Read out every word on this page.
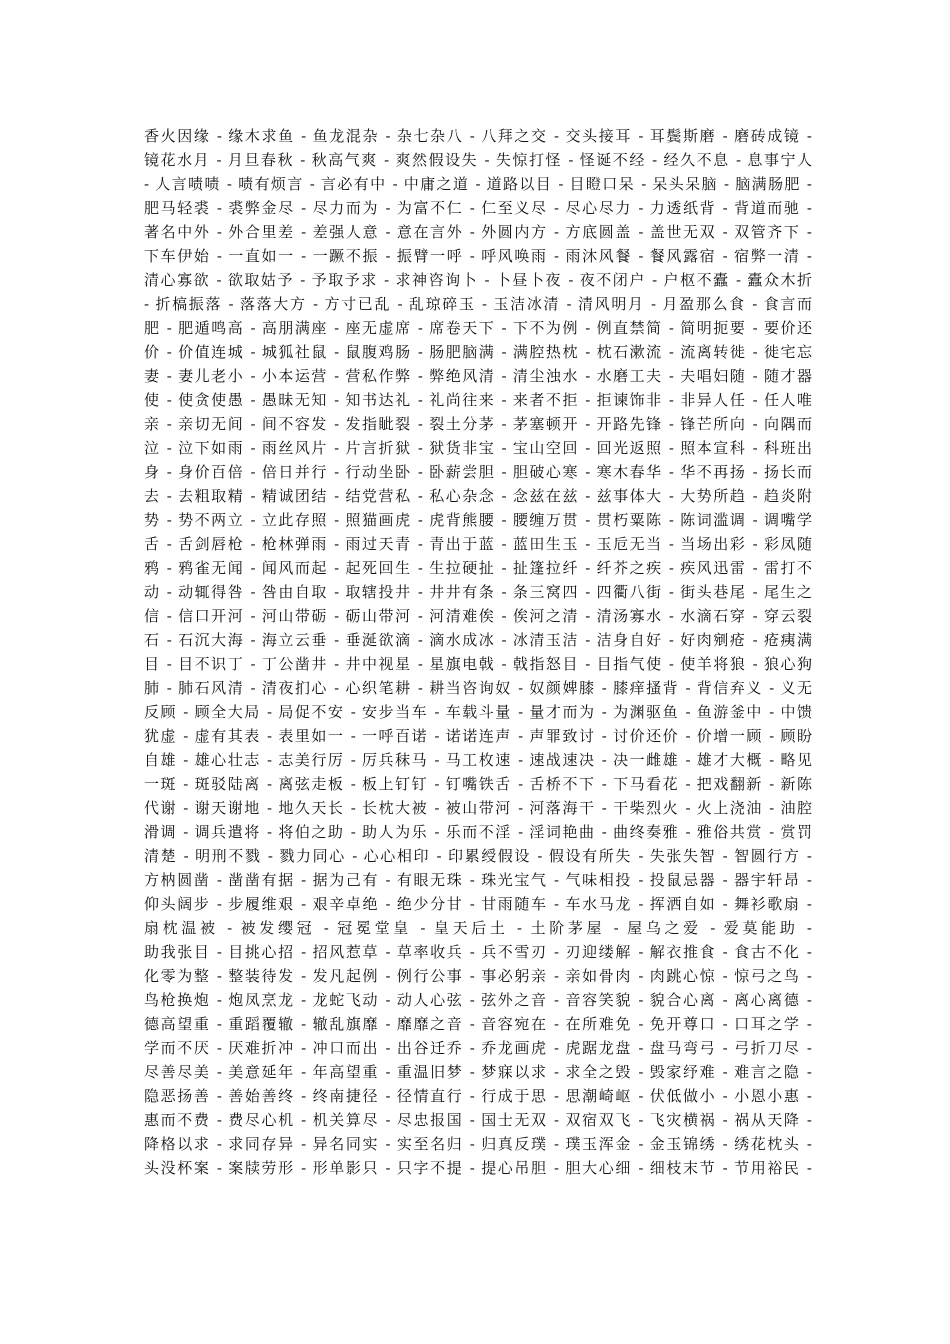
香火因缘 - 缘木求鱼 - 鱼龙混杂 - 杂七杂八 - 八拜之交 - 交头接耳 - 耳鬓斯磨 - 磨砖成镜 -
镜花水月 - 月旦春秋 - 秋高气爽 - 爽然假设失 - 失惊打怪 - 怪诞不经 - 经久不息 - 息事宁人
- 人言啧啧 - 啧有烦言 - 言必有中 - 中庸之道 - 道路以目 - 目瞪口呆 - 呆头呆脑 - 脑满肠肥 -
肥马轻裘 - 裘弊金尽 - 尽力而为 - 为富不仁 - 仁至义尽 - 尽心尽力 - 力透纸背 - 背道而驰 -
著名中外 - 外合里差 - 差强人意 - 意在言外 - 外圆内方 - 方底圆盖 - 盖世无双 - 双管齐下 -
下车伊始 - 一直如一 - 一蹶不振 - 振臂一呼 - 呼风唤雨 - 雨沐风餐 - 餐风露宿 - 宿弊一清 -
清心寡欲 - 欲取姑予 - 予取予求 - 求神咨询卜 - 卜昼卜夜 - 夜不闭户 - 户枢不蠹 - 蠹众木折
- 折槁振落 - 落落大方 - 方寸已乱 - 乱琼碎玉 - 玉洁冰清 - 清风明月 - 月盈那么食 - 食言而
肥 - 肥遁鸣高 - 高朋满座 - 座无虚席 - 席卷天下 - 下不为例 - 例直禁简 - 简明扼要 - 要价还
价 - 价值连城 - 城狐社鼠 - 鼠腹鸡肠 - 肠肥脑满 - 满腔热枕 - 枕石漱流 - 流离转徙 - 徙宅忘
妻 - 妻儿老小 - 小本运营 - 营私作弊 - 弊绝风清 - 清尘浊水 - 水磨工夫 - 夫唱妇随 - 随才器
使 - 使贪使愚 - 愚昧无知 - 知书达礼 - 礼尚往来 - 来者不拒 - 拒谏饰非 - 非异人任 - 任人唯
亲 - 亲切无间 - 间不容发 - 发指眦裂 - 裂土分茅 - 茅塞顿开 - 开路先锋 - 锋芒所向 - 向隅而
泣 - 泣下如雨 - 雨丝风片 - 片言折狱 - 狱货非宝 - 宝山空回 - 回光返照 - 照本宣科 - 科班出
身 - 身价百倍 - 倍日并行 - 行动坐卧 - 卧薪尝胆 - 胆破心寒 - 寒木春华 - 华不再扬 - 扬长而
去 - 去粗取精 - 精诚团结 - 结党营私 - 私心杂念 - 念兹在兹 - 兹事体大 - 大势所趋 - 趋炎附
势 - 势不两立 - 立此存照 - 照猫画虎 - 虎背熊腰 - 腰缠万贯 - 贯朽粟陈 - 陈词滥调 - 调嘴学
舌 - 舌剑唇枪 - 枪林弹雨 - 雨过天青 - 青出于蓝 - 蓝田生玉 - 玉卮无当 - 当场出彩 - 彩凤随
鸦 - 鸦雀无闻 - 闻风而起 - 起死回生 - 生拉硬扯 - 扯篷拉纤 - 纤芥之疾 - 疾风迅雷 - 雷打不
动 - 动辄得咎 - 咎由自取 - 取辖投井 - 井井有条 - 条三窝四 - 四衢八街 - 街头巷尾 - 尾生之
信 - 信口开河 - 河山带砺 - 砺山带河 - 河清难俟 - 俟河之清 - 清汤寡水 - 水滴石穿 - 穿云裂
石 - 石沉大海 - 海立云垂 - 垂涎欲滴 - 滴水成冰 - 冰清玉洁 - 洁身自好 - 好肉剜疮 - 疮痍满
目 - 目不识丁 - 丁公凿井 - 井中视星 - 星旗电戟 - 戟指怒目 - 目指气使 - 使羊将狼 - 狼心狗
肺 - 肺石风清 - 清夜扪心 - 心织笔耕 - 耕当咨询奴 - 奴颜婢膝 - 膝痒搔背 - 背信弃义 - 义无
反顾 - 顾全大局 - 局促不安 - 安步当车 - 车载斗量 - 量才而为 - 为渊驱鱼 - 鱼游釜中 - 中馈
犹虚 - 虚有其表 - 表里如一 - 一呼百诺 - 诺诺连声 - 声罪致讨 - 讨价还价 - 价增一顾 - 顾盼
自雄 - 雄心壮志 - 志美行厉 - 厉兵秣马 - 马工枚速 - 速战速决 - 决一雌雄 - 雄才大概 - 略见
一斑 - 斑驳陆离 - 离弦走板 - 板上钉钉 - 钉嘴铁舌 - 舌桥不下 - 下马看花 - 把戏翻新 - 新陈
代谢 - 谢天谢地 - 地久天长 - 长枕大被 - 被山带河 - 河落海干 - 干柴烈火 - 火上浇油 - 油腔
滑调 - 调兵遣将 - 将伯之助 - 助人为乐 - 乐而不淫 - 淫词艳曲 - 曲终奏雅 - 雅俗共赏 - 赏罚
清楚 - 明刑不戮 - 戮力同心 - 心心相印 - 印累绶假设 - 假设有所失 - 失张失智 - 智圆行方 -
方枘圆凿 - 凿凿有据 - 据为己有 - 有眼无珠 - 珠光宝气 - 气味相投 - 投鼠忌器 - 器宇轩昂 -
仰头阔步 - 步履维艰 - 艰辛卓绝 - 绝少分甘 - 甘雨随车 - 车水马龙 - 挥洒自如 - 舞衫歌扇 -
扇枕温被 - 被发缨冠 - 冠冕堂皇 - 皇天后土 - 土阶茅屋 - 屋乌之爱 - 爱莫能助 -
助我张目 - 目挑心招 - 招风惹草 - 草率收兵 - 兵不雪刃 - 刃迎缕解 - 解衣推食 - 食古不化 -
化零为整 - 整装待发 - 发凡起例 - 例行公事 - 事必躬亲 - 亲如骨肉 - 肉跳心惊 - 惊弓之鸟 -
鸟枪换炮 - 炮凤烹龙 - 龙蛇飞动 - 动人心弦 - 弦外之音 - 音容笑貌 - 貌合心离 - 离心离德 -
德高望重 - 重蹈覆辙 - 辙乱旗靡 - 靡靡之音 - 音容宛在 - 在所难免 - 免开尊口 - 口耳之学 -
学而不厌 - 厌难折冲 - 冲口而出 - 出谷迁乔 - 乔龙画虎 - 虎踞龙盘 - 盘马弯弓 - 弓折刀尽 -
尽善尽美 - 美意延年 - 年高望重 - 重温旧梦 - 梦寐以求 - 求全之毁 - 毁家纾难 - 难言之隐 -
隐恶扬善 - 善始善终 - 终南捷径 - 径情直行 - 行成于思 - 思潮崎岖 - 伏低做小 - 小恩小惠 -
惠而不费 - 费尽心机 - 机关算尽 - 尽忠报国 - 国士无双 - 双宿双飞 - 飞灾横祸 - 祸从天降 -
降格以求 - 求同存异 - 异名同实 - 实至名归 - 归真反璞 - 璞玉浑金 - 金玉锦绣 - 绣花枕头 -
头没杯案 - 案牍劳形 - 形单影只 - 只字不提 - 提心吊胆 - 胆大心细 - 细枝末节 - 节用裕民 -
